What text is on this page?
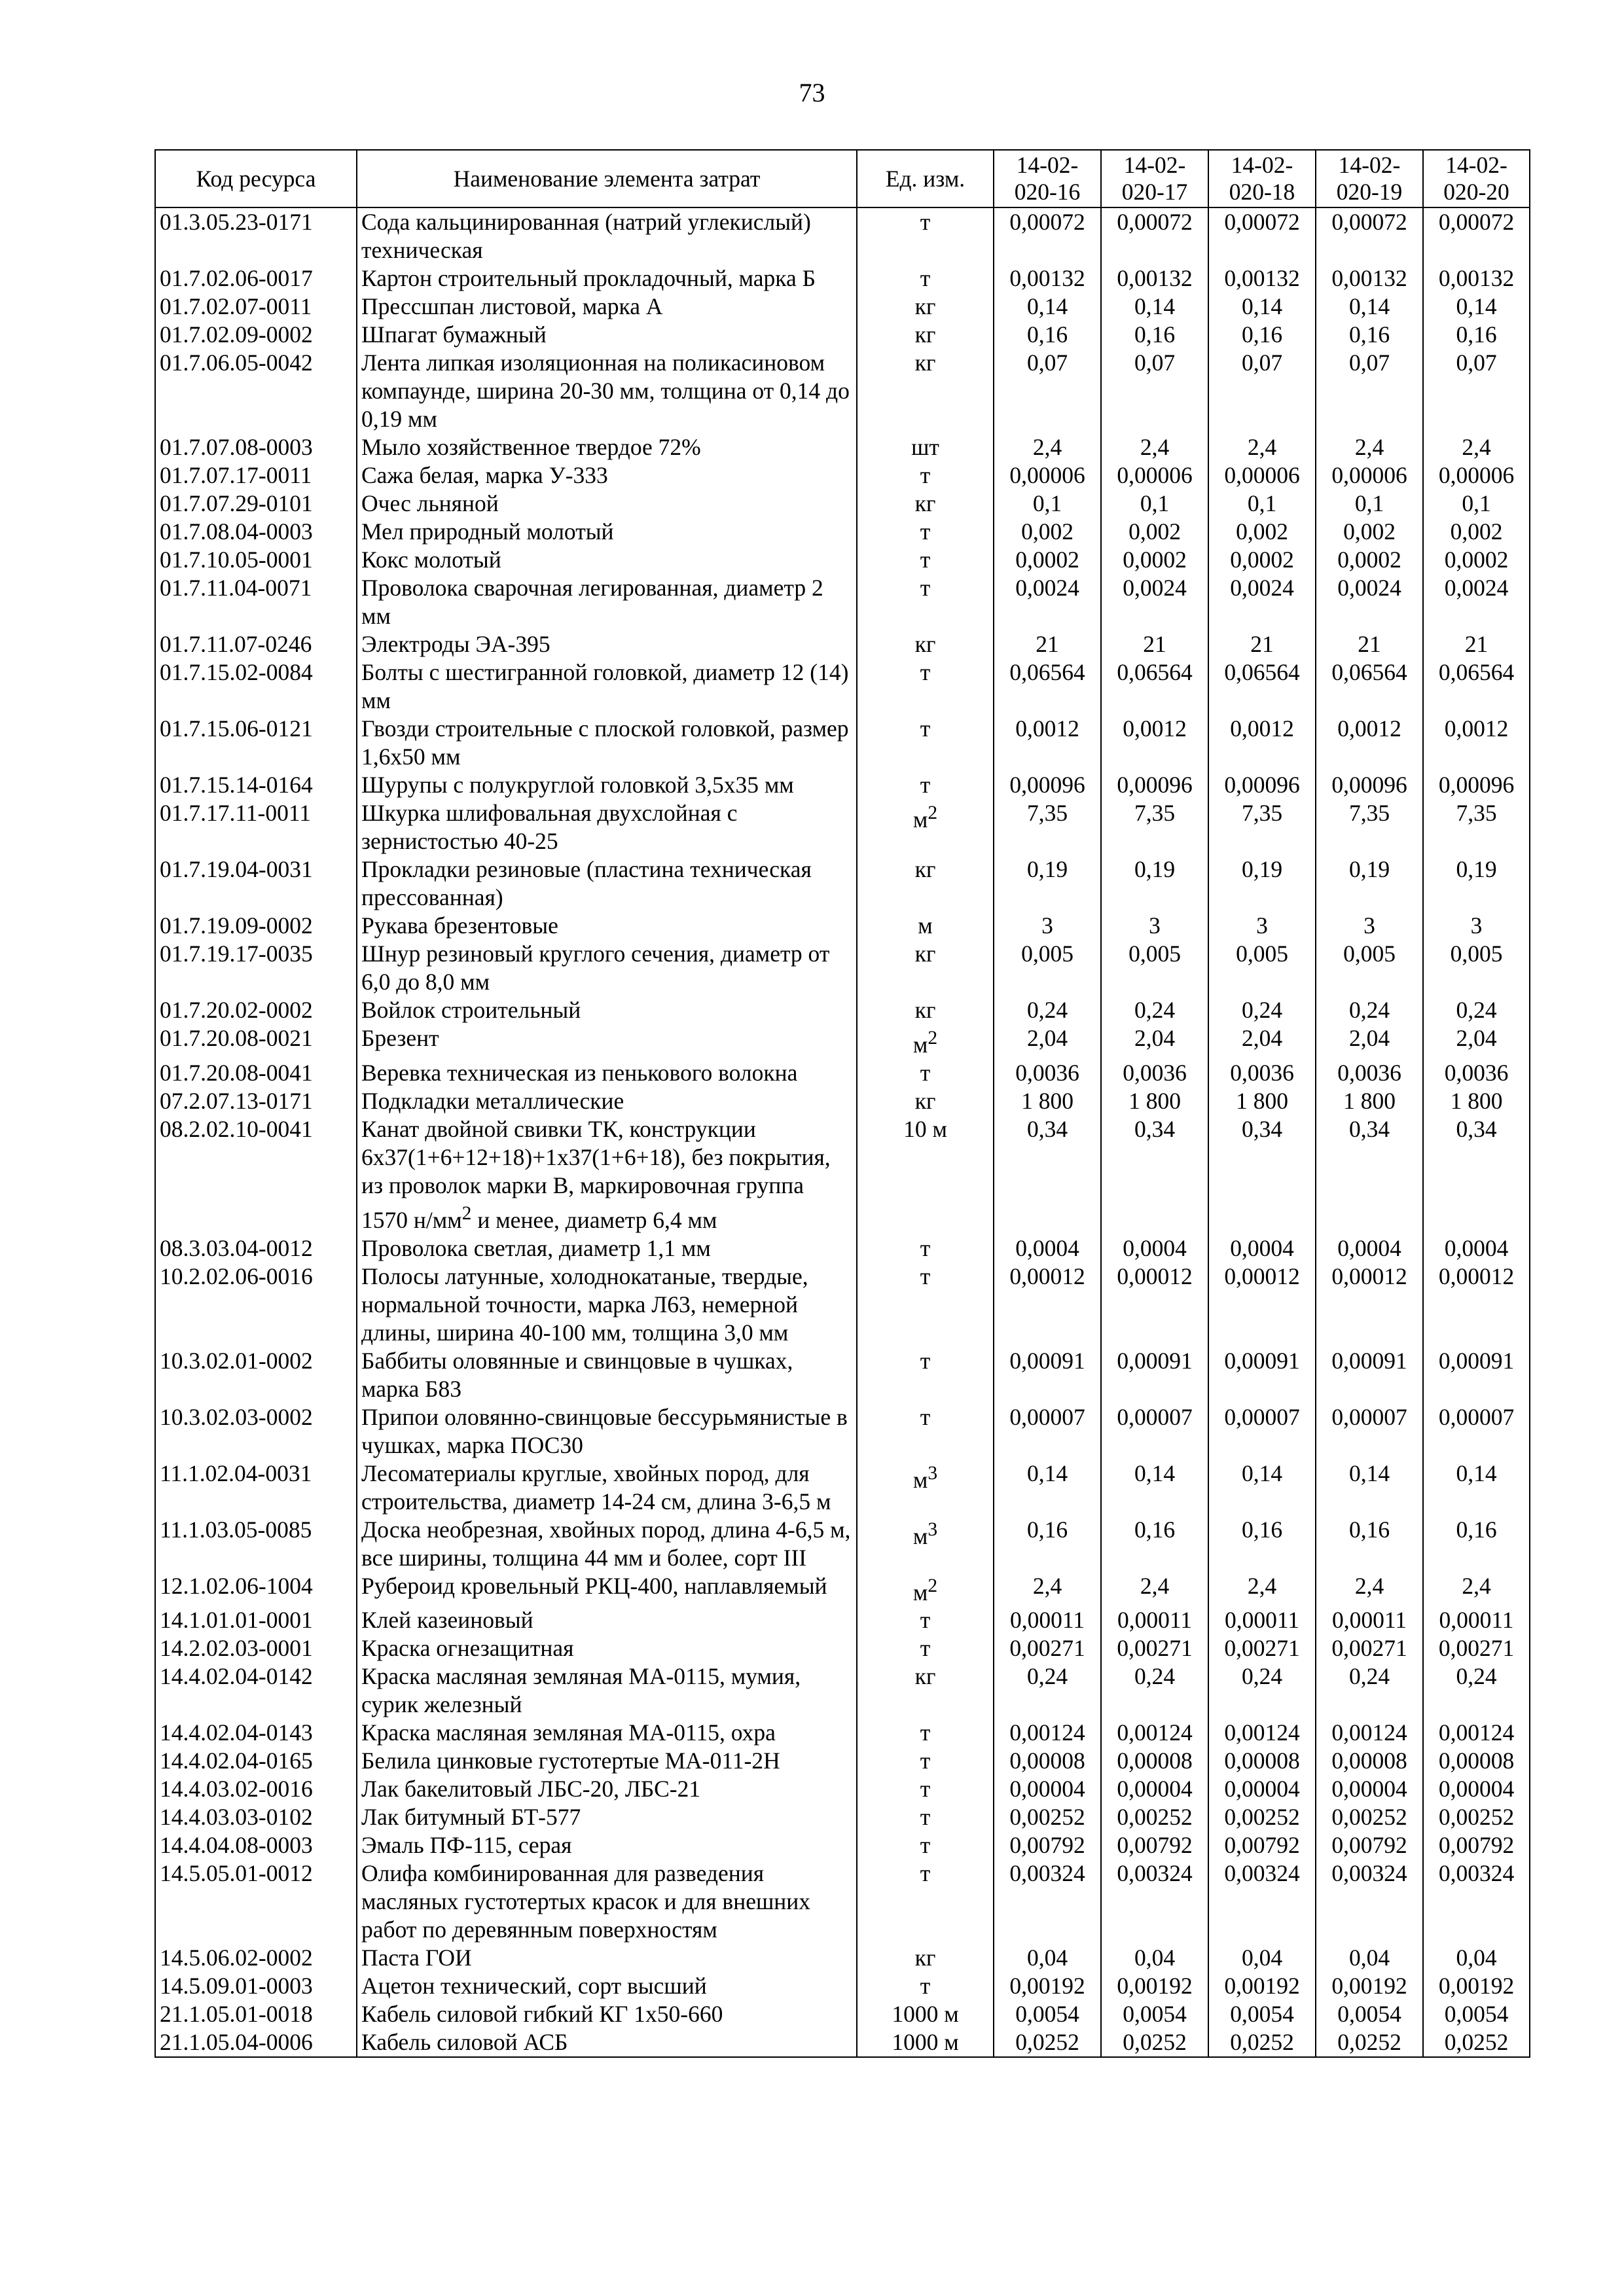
73
Код ресурса	Наименование элемента затрат	Ед. изм.	14-02-020-16	14-02-020-17	14-02-020-18	14-02-020-19	14-02-020-20
01.3.05.23-0171	Сода кальцинированная (натрий углекислый) техническая	т	0,00072	0,00072	0,00072	0,00072	0,00072
01.7.02.06-0017	Картон строительный прокладочный, марка Б	т	0,00132	0,00132	0,00132	0,00132	0,00132
01.7.02.07-0011	Прессшпан листовой, марка А	кг	0,14	0,14	0,14	0,14	0,14
01.7.02.09-0002	Шпагат бумажный	кг	0,16	0,16	0,16	0,16	0,16
01.7.06.05-0042	Лента липкая изоляционная на поликасиновом компаунде, ширина 20-30 мм, толщина от 0,14 до 0,19 мм	кг	0,07	0,07	0,07	0,07	0,07
01.7.07.08-0003	Мыло хозяйственное твердое 72%	шт	2,4	2,4	2,4	2,4	2,4
01.7.07.17-0011	Сажа белая, марка У-333	т	0,00006	0,00006	0,00006	0,00006	0,00006
01.7.07.29-0101	Очес льняной	кг	0,1	0,1	0,1	0,1	0,1
01.7.08.04-0003	Мел природный молотый	т	0,002	0,002	0,002	0,002	0,002
01.7.10.05-0001	Кокс молотый	т	0,0002	0,0002	0,0002	0,0002	0,0002
01.7.11.04-0071	Проволока сварочная легированная, диаметр 2 мм	т	0,0024	0,0024	0,0024	0,0024	0,0024
01.7.11.07-0246	Электроды ЭА-395	кг	21	21	21	21	21
01.7.15.02-0084	Болты с шестигранной головкой, диаметр 12 (14) мм	т	0,06564	0,06564	0,06564	0,06564	0,06564
01.7.15.06-0121	Гвозди строительные с плоской головкой, размер 1,6х50 мм	т	0,0012	0,0012	0,0012	0,0012	0,0012
01.7.15.14-0164	Шурупы с полукруглой головкой 3,5х35 мм	т	0,00096	0,00096	0,00096	0,00096	0,00096
01.7.17.11-0011	Шкурка шлифовальная двухслойная с зернистостью 40-25	$м^2$	7,35	7,35	7,35	7,35	7,35
01.7.19.04-0031	Прокладки резиновые (пластина техническая прессованная)	кг	0,19	0,19	0,19	0,19	0,19
01.7.19.09-0002	Рукава брезентовые	м	3	3	3	3	3
01.7.19.17-0035	Шнур резиновый круглого сечения, диаметр от 6,0 до 8,0 мм	кг	0,005	0,005	0,005	0,005	0,005
01.7.20.02-0002	Войлок строительный	кг	0,24	0,24	0,24	0,24	0,24
01.7.20.08-0021	Брезент	$м^2$	2,04	2,04	2,04	2,04	2,04
01.7.20.08-0041	Веревка техническая из пенькового волокна	т	0,0036	0,0036	0,0036	0,0036	0,0036
07.2.07.13-0171	Подкладки металлические	кг	1 800	1 800	1 800	1 800	1 800
08.2.02.10-0041	Канат двойной свивки ТК, конструкции 6х37(1+6+12+18)+1х37(1+6+18), без покрытия, из проволок марки В, маркировочная группа 1570 $н/мм^2$ и менее, диаметр 6,4 мм	10 м	0,34	0,34	0,34	0,34	0,34
08.3.03.04-0012	Проволока светлая, диаметр 1,1 мм	т	0,0004	0,0004	0,0004	0,0004	0,0004
10.2.02.06-0016	Полосы латунные, холоднокатаные, твердые, нормальной точности, марка Л63, немерной длины, ширина 40-100 мм, толщина 3,0 мм	т	0,00012	0,00012	0,00012	0,00012	0,00012
10.3.02.01-0002	Баббиты оловянные и свинцовые в чушках, марка Б83	т	0,00091	0,00091	0,00091	0,00091	0,00091
10.3.02.03-0002	Припои оловянно-свинцовые бессурьмянистые в чушках, марка ПОС30	т	0,00007	0,00007	0,00007	0,00007	0,00007
11.1.02.04-0031	Лесоматериалы круглые, хвойных пород, для строительства, диаметр 14-24 см, длина 3-6,5 м	$м^3$	0,14	0,14	0,14	0,14	0,14
11.1.03.05-0085	Доска необрезная, хвойных пород, длина 4-6,5 м, все ширины, толщина 44 мм и более, сорт III	$м^3$	0,16	0,16	0,16	0,16	0,16
12.1.02.06-1004	Рубероид кровельный РКЦ-400, наплавляемый	$м^2$	2,4	2,4	2,4	2,4	2,4
14.1.01.01-0001	Клей казеиновый	т	0,00011	0,00011	0,00011	0,00011	0,00011
14.2.02.03-0001	Краска огнезащитная	т	0,00271	0,00271	0,00271	0,00271	0,00271
14.4.02.04-0142	Краска масляная земляная МА-0115, мумия, сурик железный	кг	0,24	0,24	0,24	0,24	0,24
14.4.02.04-0143	Краска масляная земляная МА-0115, охра	т	0,00124	0,00124	0,00124	0,00124	0,00124
14.4.02.04-0165	Белила цинковые густотертые МА-011-2Н	т	0,00008	0,00008	0,00008	0,00008	0,00008
14.4.03.02-0016	Лак бакелитовый ЛБС-20, ЛБС-21	т	0,00004	0,00004	0,00004	0,00004	0,00004
14.4.03.03-0102	Лак битумный БТ-577	т	0,00252	0,00252	0,00252	0,00252	0,00252
14.4.04.08-0003	Эмаль ПФ-115, серая	т	0,00792	0,00792	0,00792	0,00792	0,00792
14.5.05.01-0012	Олифа комбинированная для разведения масляных густотертых красок и для внешних работ по деревянным поверхностям	т	0,00324	0,00324	0,00324	0,00324	0,00324
14.5.06.02-0002	Паста ГОИ	кг	0,04	0,04	0,04	0,04	0,04
14.5.09.01-0003	Ацетон технический, сорт высший	т	0,00192	0,00192	0,00192	0,00192	0,00192
21.1.05.01-0018	Кабель силовой гибкий КГ 1х50-660	1000 м	0,0054	0,0054	0,0054	0,0054	0,0054
21.1.05.04-0006	Кабель силовой АСБ	1000 м	0,0252	0,0252	0,0252	0,0252	0,0252
